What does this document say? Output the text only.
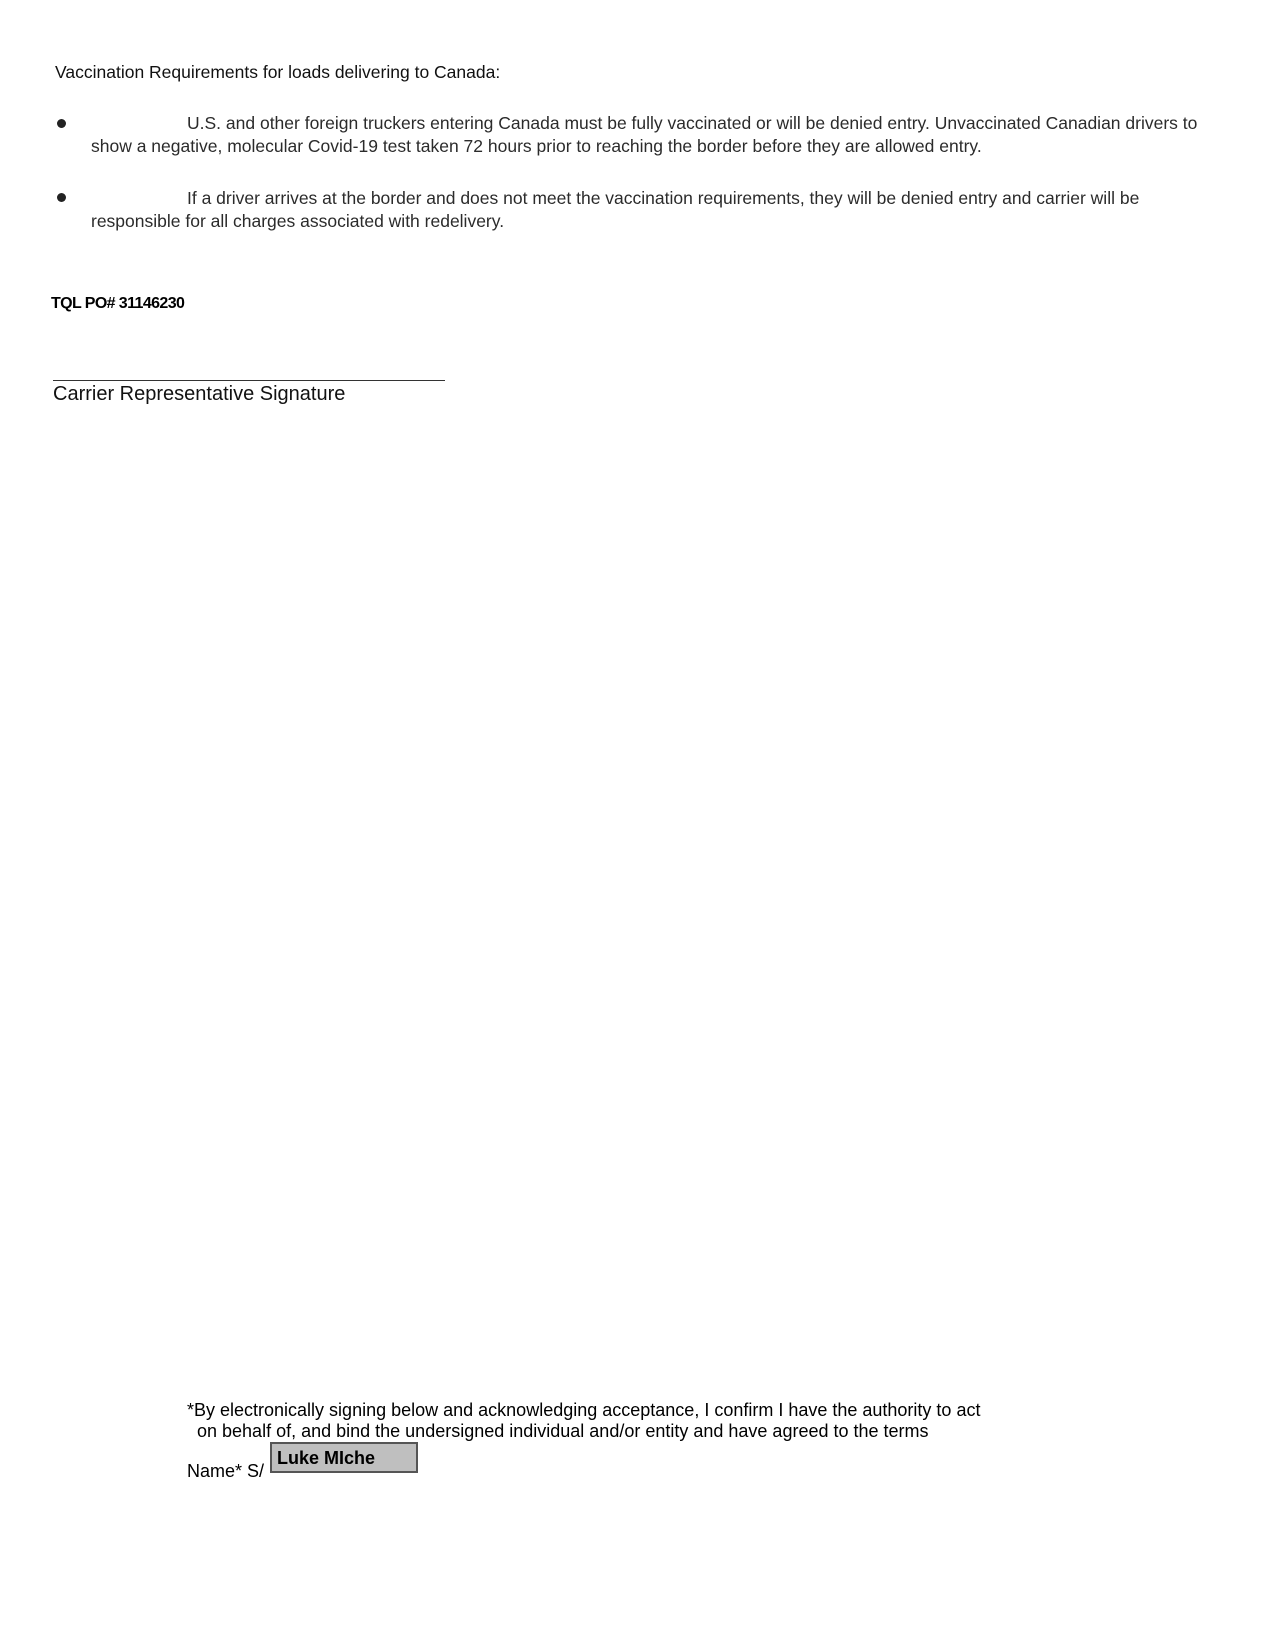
Vaccination Requirements for loads delivering to Canada:
U.S. and other foreign truckers entering Canada must be fully vaccinated or will be denied entry. Unvaccinated Canadian drivers to show a negative, molecular Covid-19 test taken 72 hours prior to reaching the border before they are allowed entry.
If a driver arrives at the border and does not meet the vaccination requirements, they will be denied entry and carrier will be responsible for all charges associated with redelivery.
TQL PO# 31146230
Carrier Representative Signature
*By electronically signing below and acknowledging acceptance, I confirm I have the authority to act
on behalf of, and bind the undersigned individual and/or entity and have agreed to the terms
Name* S/
Luke MIche
